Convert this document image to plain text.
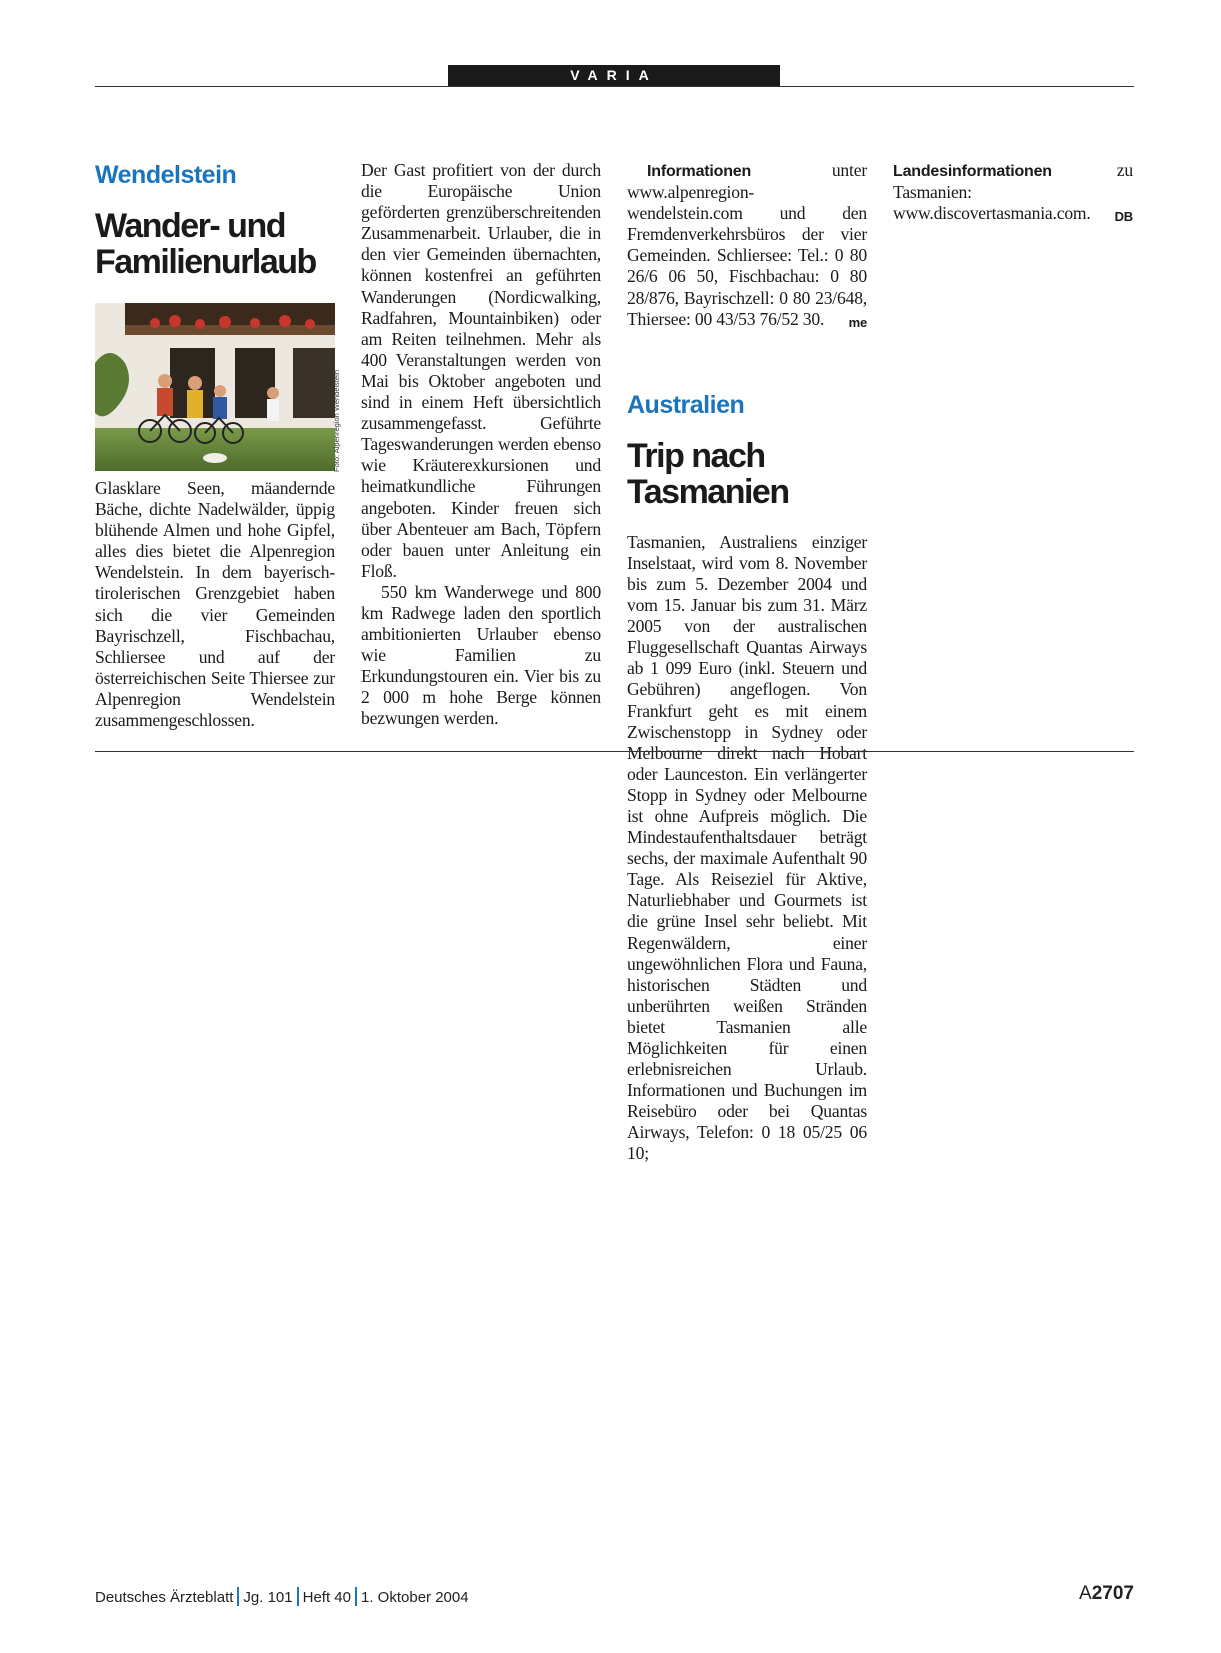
VARIA

Wendelstein

Wander- und

Familienurlaub

Foto: Alpenregion Wendelstein

Glasklare Seen, mäandernde Bäche, dichte Nadelwälder, üppig blühende Almen und hohe Gipfel, alles dies bietet die Alpenregion Wendelstein. In dem bayerisch-tirolerischen Grenzgebiet haben sich die vier Gemeinden Bayrischzell, Fischbachau, Schliersee und auf der österreichischen Seite Thiersee zur Alpenregion Wendelstein zusammengeschlossen.

Der Gast profitiert von der durch die Europäische Union geförderten grenzüberschreitenden Zusammenarbeit. Urlauber, die in den vier Gemeinden übernachten, können kostenfrei an geführten Wanderungen (Nordicwalking, Radfahren, Mountainbiken) oder am Reiten teilnehmen. Mehr als 400 Veranstaltungen werden von Mai bis Oktober angeboten und sind in einem Heft übersichtlich zusammengefasst. Geführte Tageswanderungen werden ebenso wie Kräuterexkursionen und heimatkundliche Führungen angeboten. Kinder freuen sich über Abenteuer am Bach, Töpfern oder bauen unter Anleitung ein Floß.

550 km Wanderwege und 800 km Radwege laden den sportlich ambitionierten Urlauber ebenso wie Familien zu Erkundungstouren ein. Vier bis zu 2 000 m hohe Berge können bezwungen werden.

Informationen unter www.alpenregion-wendelstein.com und den Fremdenverkehrsbüros der vier Gemeinden. Schliersee: Tel.: 0 80 26/6 06 50, Fischbachau: 0 80 28/876, Bayrischzell: 0 80 23/648, Thiersee: 00 43/53 76/52 30. me

Australien

Trip nach

Tasmanien

Tasmanien, Australiens einziger Inselstaat, wird vom 8. November bis zum 5. Dezember 2004 und vom 15. Januar bis zum 31. März 2005 von der australischen Fluggesellschaft Quantas Airways ab 1 099 Euro (inkl. Steuern und Gebühren) angeflogen. Von Frankfurt geht es mit einem Zwischenstopp in Sydney oder Melbourne direkt nach Hobart oder Launceston. Ein verlängerter Stopp in Sydney oder Melbourne ist ohne Aufpreis möglich. Die Mindestaufenthaltsdauer beträgt sechs, der maximale Aufenthalt 90 Tage. Als Reiseziel für Aktive, Naturliebhaber und Gourmets ist die grüne Insel sehr beliebt. Mit Regenwäldern, einer ungewöhnlichen Flora und Fauna, historischen Städten und unberührten weißen Stränden bietet Tasmanien alle Möglichkeiten für einen erlebnisreichen Urlaub. Informationen und Buchungen im Reisebüro oder bei Quantas Airways, Telefon: 0 18 05/25 06 10;

Landesinformationen zu Tasmanien: www.discovertasmania.com. DB

Deutsches Ärzteblatt Jg. 101 Heft 40 1. Oktober 2004	A2707
